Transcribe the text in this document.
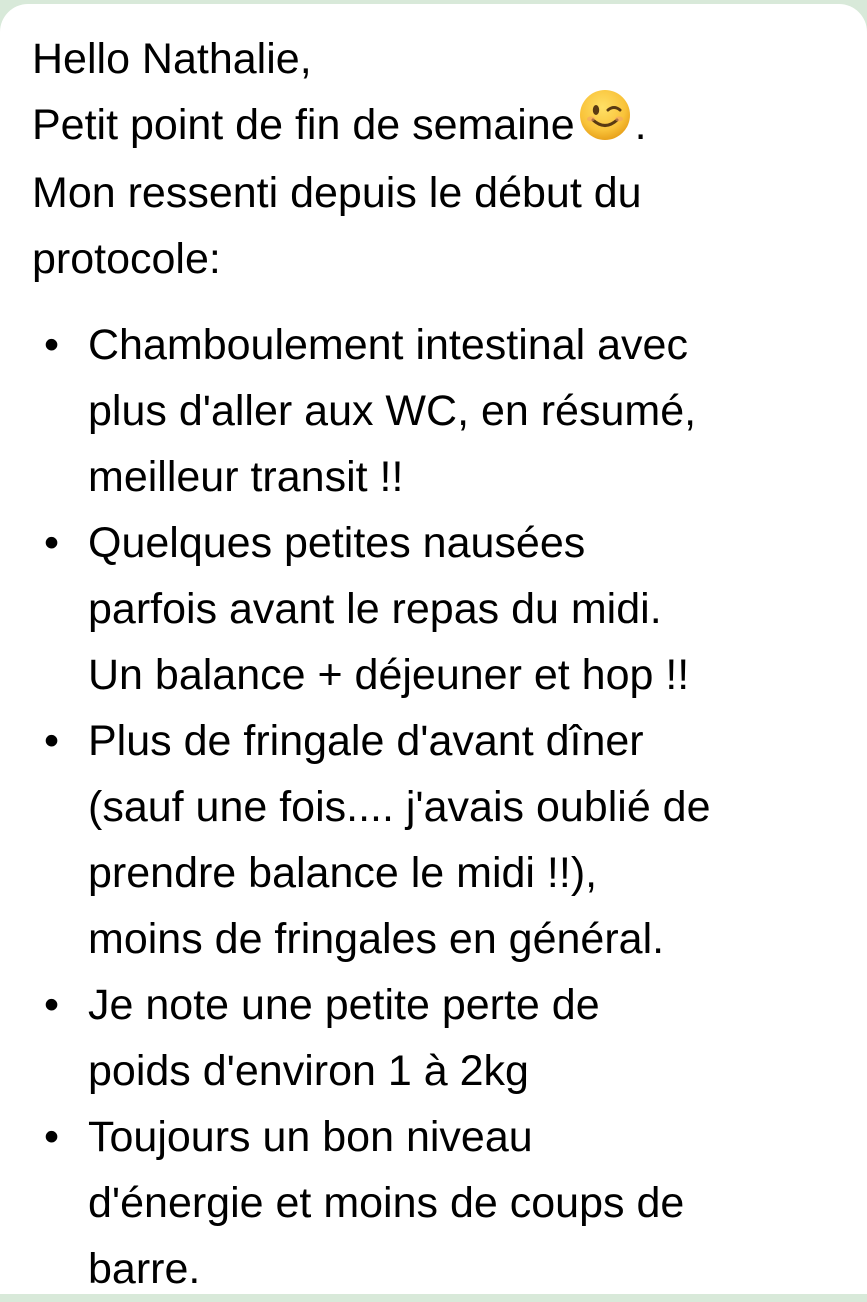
Hello Nathalie,
Petit point de fin de semaine .
Mon ressenti depuis le début du
protocole:
• Chamboulement intestinal avec
plus d'aller aux WC, en résumé,
meilleur transit !!
• Quelques petites nausées
parfois avant le repas du midi.
Un balance + déjeuner et hop !!
• Plus de fringale d'avant dîner
(sauf une fois.... j'avais oublié de
prendre balance le midi !!),
moins de fringales en général.
• Je note une petite perte de
poids d'environ 1 à 2kg
• Toujours un bon niveau
d'énergie et moins de coups de
barre.
